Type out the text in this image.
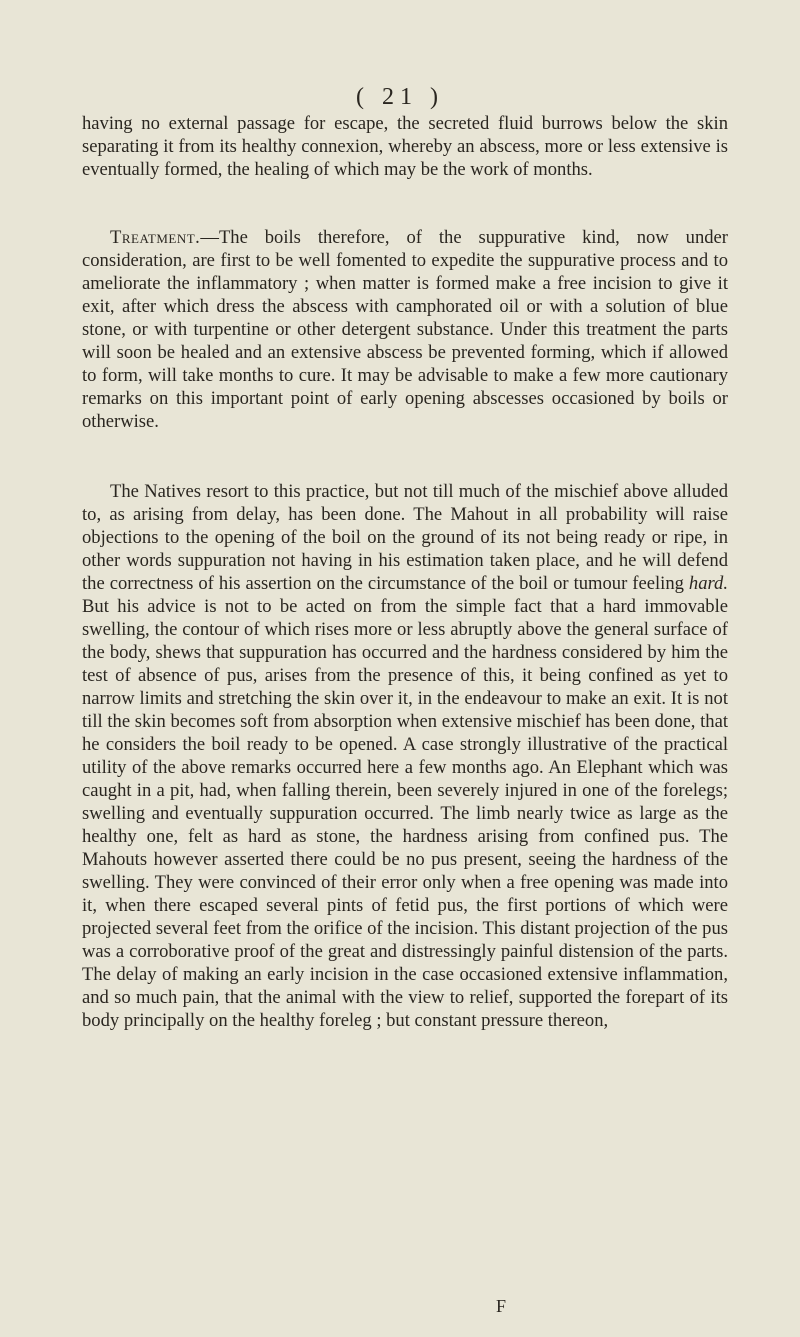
( 21 )

having no external passage for escape, the secreted fluid burrows below the skin separating it from its healthy connexion, whereby an abscess, more or less extensive is eventually formed, the healing of which may be the work of months.

Treatment.—The boils therefore, of the suppurative kind, now under consideration, are first to be well fomented to expedite the suppurative process and to ameliorate the inflammatory ; when matter is formed make a free incision to give it exit, after which dress the abscess with camphorated oil or with a solution of blue stone, or with turpentine or other detergent substance. Under this treatment the parts will soon be healed and an extensive abscess be prevented forming, which if allowed to form, will take months to cure. It may be advisable to make a few more cautionary remarks on this important point of early opening abscesses occasioned by boils or otherwise.

The Natives resort to this practice, but not till much of the mischief above alluded to, as arising from delay, has been done. The Mahout in all probability will raise objections to the opening of the boil on the ground of its not being ready or ripe, in other words suppuration not having in his estimation taken place, and he will defend the correctness of his assertion on the circumstance of the boil or tumour feeling hard. But his advice is not to be acted on from the simple fact that a hard immovable swelling, the contour of which rises more or less abruptly above the general surface of the body, shews that suppuration has occurred and the hardness considered by him the test of absence of pus, arises from the presence of this, it being confined as yet to narrow limits and stretching the skin over it, in the endeavour to make an exit. It is not till the skin becomes soft from absorption when extensive mischief has been done, that he considers the boil ready to be opened. A case strongly illustrative of the practical utility of the above remarks occurred here a few months ago. An Elephant which was caught in a pit, had, when falling therein, been severely injured in one of the forelegs; swelling and eventually suppuration occurred. The limb nearly twice as large as the healthy one, felt as hard as stone, the hardness arising from confined pus. The Mahouts however asserted there could be no pus present, seeing the hardness of the swelling. They were convinced of their error only when a free opening was made into it, when there escaped several pints of fetid pus, the first portions of which were projected several feet from the orifice of the incision. This distant projection of the pus was a corroborative proof of the great and distressingly painful distension of the parts. The delay of making an early incision in the case occasioned extensive inflammation, and so much pain, that the animal with the view to relief, supported the forepart of its body principally on the healthy foreleg ; but constant pressure thereon,

F
